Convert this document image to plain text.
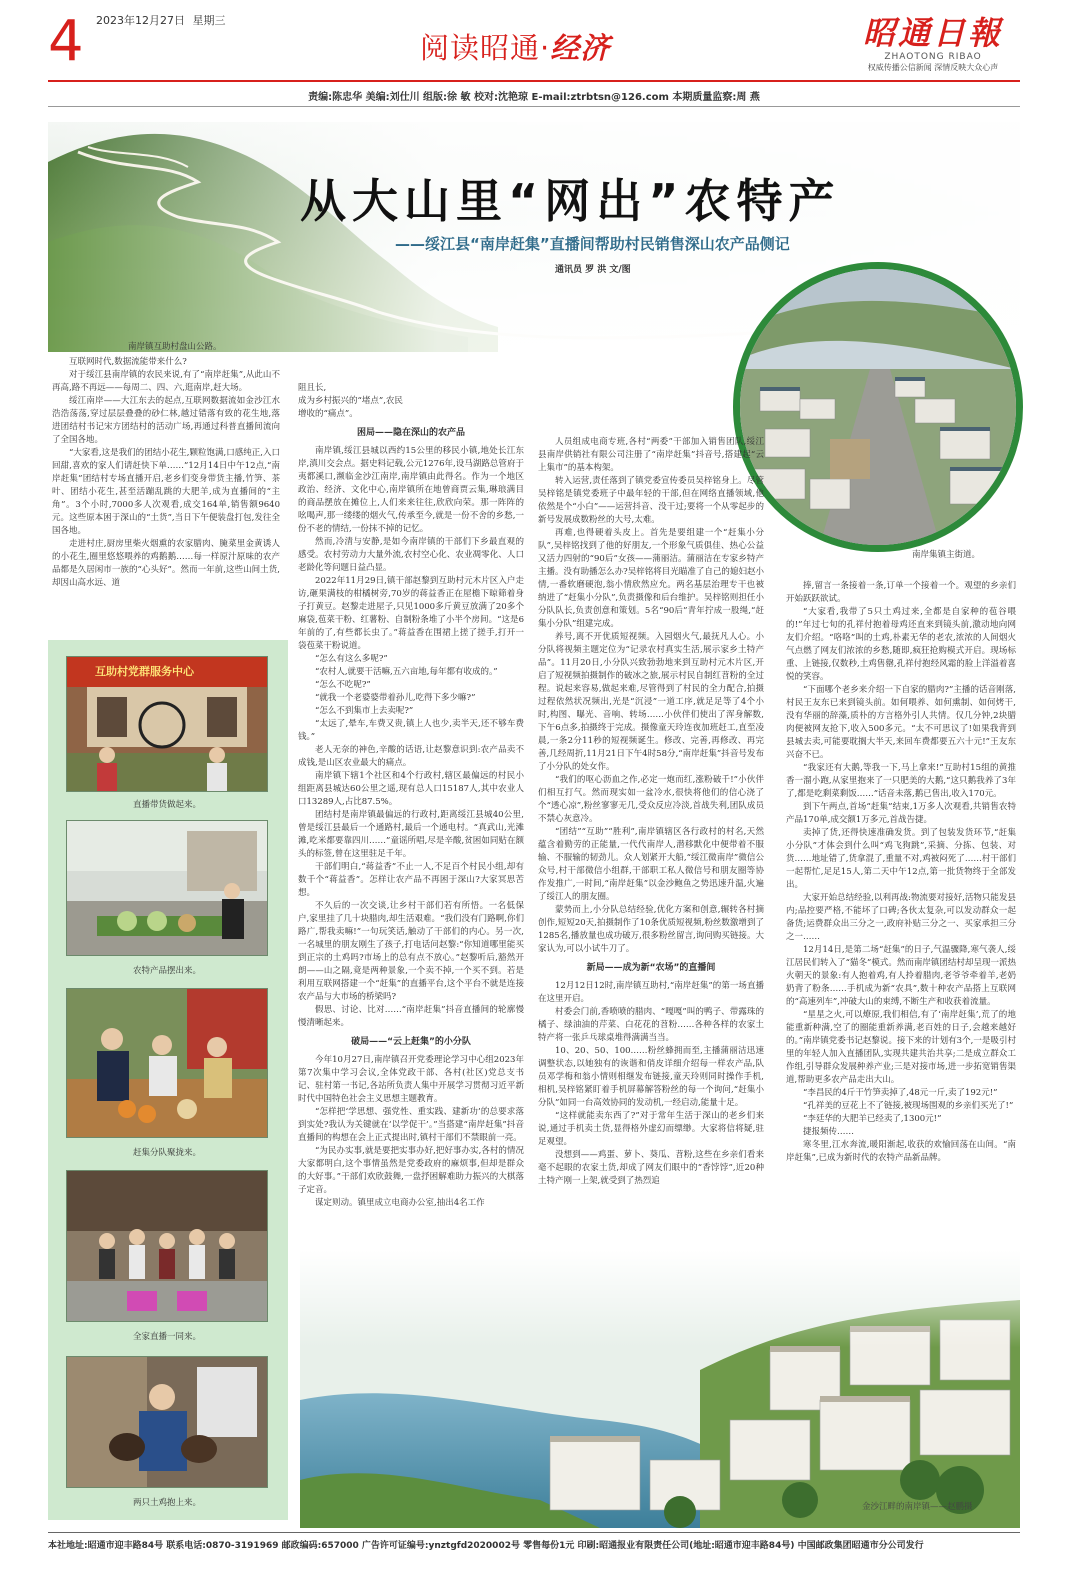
4 2023年12月27日 星期三
阅读昭通·经济	昭通日報
ZHAOTONG RIBAO
权威传播公信新闻 深情反映大众心声
责编:陈忠华 美编:刘仕川 组版:徐 敏 校对:沈艳琼 E-mail:ztrbtsn@126.com 本期质量监察:周 燕
从大山里“网出”农特产
——绥江县“南岸赶集”直播间帮助村民销售深山农产品侧记
通讯员 罗 洪 文/图
南岸镇互助村盘山公路。
南岸集镇主街道。

互联网时代,数据流能带来什么?

对于绥江县南岸镇的农民来说,有了“南岸赶集”,从此山不再高,路不再远——每周二、四、六,逛南岸,赶大场。

绥江南岸——大江东去的起点,互联网数据流如金沙江水浩浩荡荡,穿过层层叠叠的砂仁林,越过错落有致的花生地,落进团结村书记宋方团结村的活动广场,再通过科普直播间流向了全国各地。

“大家看,这是我们的团结小花生,颗粒饱满,口感纯正,入口回甜,喜欢的家人们请赶快下单……”12月14日中午12点,“南岸赶集”团结村专场直播开启,老乡们变身带货主播,竹笋、茶叶、团结小花生,甚至活蹦乱跳的大肥羊,成为直播间的“主角”。3个小时,7000多人次观看,成交164单,销售额9640元。这些原本困于深山的“土货”,当日下午便装盘打包,发往全国各地。

走进村庄,厨房里柴火烟熏的农家腊肉、腌菜里金黄诱人的小花生,圈里悠悠喂养的鸡鹅鹅……每一样原汁原味的农产品都是久居闲市一族的“心头好”。然而一年前,这些山间土货,却因山高水远、道

互助村党群服务中心
直播带货做起来。
农特产品摆出来。
赶集分队聚拢来。
全家直播一同来。
两只土鸡抱上来。
阻且长,
成为乡村振兴的“堵点”,农民
增收的“痛点”。
困局——隐在深山的农产品

南岸镇,绥江县城以西约15公里的移民小镇,地处长江东岸,滇川交会点。据史料记载,公元1276年,设马湖路总管府于夷都溪口,濒临金沙江南岸,南岸镇由此得名。作为一个地区政治、经济、文化中心,南岸镇所在地曾商贾云集,琳琅满目的商品摆放在摊位上,人们来来往往,欣欣向荣。那一阵阵的吆喝声,那一缕缕的烟火气,传承至今,就是一份不舍的乡愁,一份不老的情结,一份抹不掉的记忆。

然而,冷清与安静,是如今南岸镇的干部们下乡最直观的感受。农村劳动力大量外流,农村空心化、农业凋零化、人口老龄化等问题日益凸显。

2022年11月29日,镇干部赵黎到互助村元木片区入户走访,砸果满枝的柑橘树旁,70岁的蒋益香正在屋檐下晾筛着身子打黄豆。赵黎走进屋子,只见1000多斤黄豆放满了20多个麻袋,苞菜干粉、红薯粉、自制粉条堆了小半个房间。“这是6年前的了,有些都长虫了。”蒋益香在围裙上搓了搓手,打开一袋苞菜干粉说道。

“怎么有这么多呢?”

“农村人,就要干活嘛,五六亩地,每年都有收成的。”

“怎么不吃呢?”

“就我一个老婆婆带着孙儿,吃得下多少嘛?”

“怎么不到集市上去卖呢?”

“太远了,晕车,车费又贵,镇上人也少,卖半天,还不够车费钱。”

老人无奈的神色,辛酸的话语,让赵黎意识到:农产品卖不成钱,是山区农业最大的痛点。

南岸镇下辖1个社区和4个行政村,辖区最偏远的村民小组距离县城达60公里之遥,现有总人口15187人,其中农业人口13289人,占比87.5%。

团结村是南岸镇最偏远的行政村,距离绥江县城40公里,曾是绥江县最后一个通路村,最后一个通电村。“真武山,光滩滩,吃米都要靠四川……”童谣所唱,尽是辛酸,贫困如同贴在额头的标签,曾在这里驻足千年。

干部们明白,“蒋益香”不止一人,不足百个村民小组,却有数千个“蒋益香”。怎样让农产品不再困于深山?大家冥思苦想。

不久后的一次交谈,让乡村干部们若有所悟。一名低保户,家里挂了几十块腊肉,却生活艰难。“我们没有门路啊,你们路广,帮我卖嘛!”一句玩笑话,触动了干部们的内心。另一次,一名城里的朋友刚生了孩子,打电话问赵黎:“你知道哪里能买到正宗的土鸡吗?市场上的总有点不放心。”赵黎听后,豁然开朗——山之隔,竟是两种景象,一个卖不掉,一个买不到。若是利用互联网搭建一个“赶集”的直播平台,这个平台不就是连接农产品与大市场的桥梁吗?

假思、讨论、比对……“南岸赶集”抖音直播间的轮廓慢慢清晰起来。

破局——“云上赶集”的小分队

今年10月27日,南岸镇召开党委理论学习中心组2023年第7次集中学习会议,全体党政干部、各村(社区)党总支书记、驻村第一书记,各站所负责人集中开展学习贯彻习近平新时代中国特色社会主义思想主题教育。

“怎样把‘学思想、强党性、重实践、建新功’的总要求落到实处?我认为关键就在‘以学促干’。”当搭建“南岸赶集”抖音直播间的构想在会上正式提出时,镇村干部们不禁眼前一亮。

“为民办实事,就是要把实事办好,把好事办实,各村的情况大家都明白,这个事情虽然是党委政府的麻烦事,但却是群众的大好事。”干部们欢欣鼓舞,一盘抒困解难助力振兴的大棋落子定音。

谋定则动。镇里成立电商办公室,抽出4名工作

人员组成电商专班,各村“两委”干部加入销售团队,绥江县南岸供销社有限公司注册了“南岸赶集”抖音号,搭建起“云上集市”的基本构架。

转入运营,责任落到了镇党委宣传委员吴梓铭身上。尽管吴梓铭是镇党委班子中最年轻的干部,但在网络直播领域,他依然是个“小白”——运营抖音、没干过;要将一个从零起步的新号发展成数粉丝的大号,太难。

再难,也得硬着头皮上。首先是要组建一个“赶集小分队”,吴梓铭找到了他的好朋友,一个形象气质俱佳、热心公益又活力四射的“90后”女孩——蒲丽洁。蒲丽洁在专家乡特产主播。没有助播怎么办?吴梓铭将目光瞄准了自己的媳妇赵小情,一番软磨硬泡,翁小情欣然应允。两名基层治理专干也被纳进了“赶集小分队”,负责摄像和后台维护。吴梓铭则担任小分队队长,负责创意和策划。5名“90后”青年拧成一股绳,“赶集小分队”组建完成。

养号,离不开优质短视频。入园烟火气,最抚凡人心。小分队将视频主题定位为“记录农村真实生活,展示家乡土特产品”。11月20日,小分队兴致勃勃地来到互助村元木片区,开启了短视频拍摄制作的破冰之旅,展示村民自制红苕粉的全过程。说起来容易,做起来难,尽管得到了村民的全力配合,拍摄过程依然状况频出,光是“沉浸”一道工序,就足足等了4个小时,构图、曝光、音响、转场……小伙伴们使出了浑身解数,下午6点多,拍摄终于完成。摄像童天玲连夜加班赶工,直至凌晨,一条2分11秒的短视频诞生。修改、完善,再修改、再完善,几经周折,11月21日下午4时58分,“南岸赶集”抖音号发布了小分队的处女作。

“我们的呕心沥血之作,必定一炮而红,涨粉破千!”小伙伴们相互打气。然而现实如一盆冷水,很快将他们的信心浇了个“透心凉”,粉丝寥寥无几,受众反应冷淡,首战失利,团队成员不禁心灰意冷。

“团结”“互助”“胜利”,南岸镇辖区各行政村的村名,天然蕴含着勤劳的正能量,一代代南岸人,潜移默化中便带着不服输、不服输的韧劲儿。众人划紧开大船,“绥江微南岸”微信公众号,村干部微信小组群,干部职工私人微信号和朋友圈等协作发推广,一时间,“南岸赶集”以金沙鲍鱼之势迅速升温,火遍了绥江人的朋友圈。

蒙势而上,小分队总结经验,优化方案和创意,辗转各村摘创作,短短20天,拍摄制作了10条优质短视频,粉丝数激增到了1285名,播放量也成功破万,很多粉丝留言,询问购买链接。大家认为,可以小试牛刀了。

新局——成为新“农场”的直播间

12月12日12时,南岸镇互助村,“南岸赶集”的第一场直播在这里开启。

村委会门前,香喷喷的腊肉、“嘎嘎”叫的鸭子、带露珠的橘子、绿油油的芹菜、白花花的苕粉……各种各样的农家土特产将一张乒乓球桌堆得满满当当。

10、20、50、100……粉丝蜂拥而至,主播蒲丽洁迅速调整状态,以她独有的诙谐和俏皮详细介绍每一样农产品,队员邓学梅和翁小情则相继发布链接,童天玲则同时操作手机,相机,吴梓铭紧盯着手机屏幕解答粉丝的每一个询问,“赶集小分队”如同一台高效协同的发动机,一经启动,能量十足。

“这样就能卖东西了?”对于常年生活于深山的老乡们来说,通过手机卖土货,显得格外虚幻而缥缈。大家将信将疑,驻足观望。

没想到——鸡蛋、萝卜、葵瓜、苕粉,这些在乡亲们看来毫不起眼的农家土货,却成了网友们眼中的“香饽饽”,近20种土特产刚一上架,就受到了热烈追

捧,留言一条接着一条,订单一个接着一个。观望的乡亲们开始跃跃欲试。

“大家看,我带了5只土鸡过来,全都是自家种的苞谷喂的!”年过七旬的孔祥付抱着母鸡还直来到镜头前,激动地向网友们介绍。“咯咯”叫的土鸡,朴素无华的老农,浓浓的人间烟火气点燃了网友们浓浓的乡愁,随即,疯狂抢购模式开启。现场标重、上链接,仅数秒,土鸡售罄,孔祥付抱经风霜的脸上洋溢着喜悦的笑容。

“下面哪个老乡来介绍一下自家的腊肉?”主播的话音刚落,村民王友东已来到镜头前。如何喂养、如何熏制、如何烤干,没有华丽的辞藻,质朴的方言格外引人共情。仅几分钟,2块腊肉便被网友抢下,收入500多元。“太不可思议了!如果我背到县城去卖,可能要耽搁大半天,来回车费都要五六十元!”王友东兴奋不已。

“我家还有大鹅,等我一下,马上拿来!”互助村15组的黄推香一溜小跑,从家里抱来了一只肥美的大鹅,“这只鹅我养了3年了,都是吃剩菜剩饭……”话音未落,鹅已售出,收入170元。

到下午两点,首场“赶集”结束,1万多人次观看,共销售农特产品170单,成交额1万多元,首战告捷。

卖掉了货,还得快速准确发货。到了包装发货环节,“赶集小分队”才体会到什么叫“鸡飞狗跳”,采摘、分拣、包装、对货……地址错了,货拿混了,重量不对,鸡被闷死了……村干部们一起帮忙,足足15人,第二天中午12点,第一批货物终于全部发出。

大家开始总结经验,以利再战:物流要对接好,活物只能发县内;品控要严格,不能坏了口碑;各伙太复杂,可以发动群众一起备货;运费群众出三分之一,政府补贴三分之一、买家承担三分之一……

12月14日,是第二场“赶集”的日子,气温骤降,寒气袭人,绥江居民们转入了“猫冬”模式。然而南岸镇团结村却呈现一派热火朝天的景象:有人抱着鸡,有人拎着腊肉,老爷爷牵着羊,老奶奶背了粉条……手机成为新“农具”,数十种农产品搭上互联网的“高速列车”,冲破大山的束缚,不断生产和收获着流量。

“星星之火,可以燎原,我们相信,有了‘南岸赶集’,荒了的地能重新种满,空了的圈能重新养满,老百姓的日子,会越来越好的。”南岸镇党委书记赵黎说。接下来的计划有3个,一是吸引村里的年轻人加入直播团队,实现共建共治共享;二是成立群众工作组,引导群众发展种养产业;三是对接市场,进一步拓宽销售渠道,帮助更多农产品走出大山。

“李昌民的4斤干竹笋卖掉了,48元一斤,卖了192元!”

“孔祥美的豆花上不了链接,被现场围观的乡亲们买光了!”

“李廷华的大肥羊已经卖了,1300元!”

捷报频传……

寒冬里,江水奔流,暖阳渐起,收获的欢愉回荡在山间。“南岸赶集”,已成为新时代的农特产品新品牌。

金沙江畔的南岸镇——赵鹏摄
本社地址:昭通市迎丰路84号 联系电话:0870-3191969 邮政编码:657000 广告许可证编号:ynztgfd2020002号 零售每份1元 印刷:昭通报业有限责任公司(地址:昭通市迎丰路84号) 中国邮政集团昭通市分公司发行
